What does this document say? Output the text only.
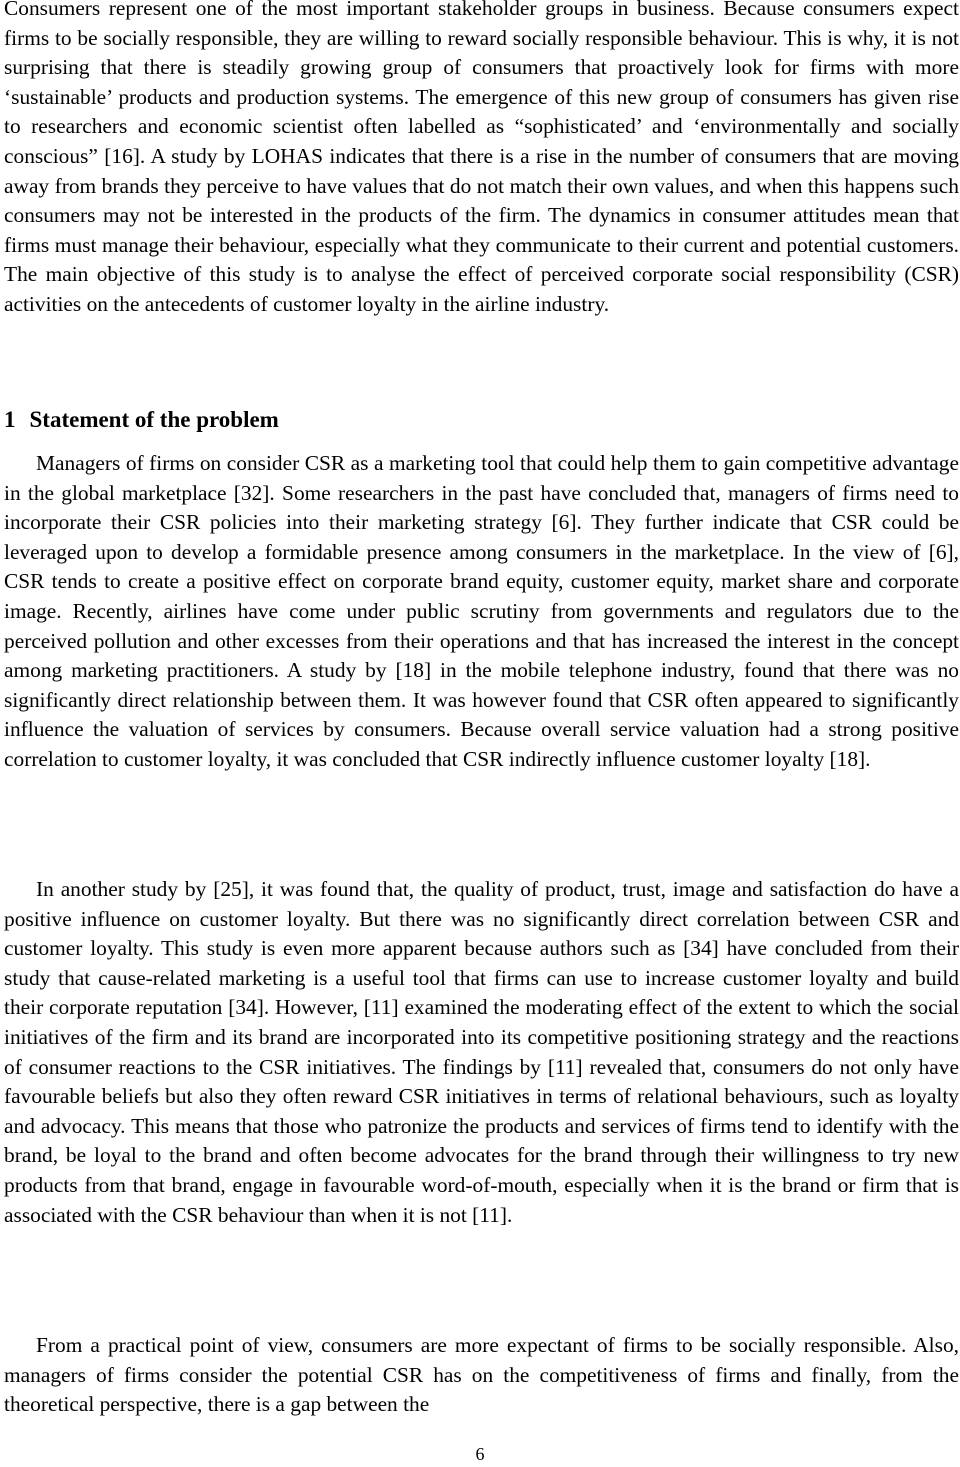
Consumers represent one of the most important stakeholder groups in business. Because consumers expect firms to be socially responsible, they are willing to reward socially responsible behaviour. This is why, it is not surprising that there is steadily growing group of consumers that proactively look for firms with more ‘sustainable’ products and production systems. The emergence of this new group of consumers has given rise to researchers and economic scientist often labelled as “sophisticated’ and ‘environmentally and socially conscious” [16]. A study by LOHAS indicates that there is a rise in the number of consumers that are moving away from brands they perceive to have values that do not match their own values, and when this happens such consumers may not be interested in the products of the firm. The dynamics in consumer attitudes mean that firms must manage their behaviour, especially what they communicate to their current and potential customers. The main objective of this study is to analyse the effect of perceived corporate social responsibility (CSR) activities on the antecedents of customer loyalty in the airline industry.

1 Statement of the problem

Managers of firms on consider CSR as a marketing tool that could help them to gain competitive advantage in the global marketplace [32]. Some researchers in the past have concluded that, managers of firms need to incorporate their CSR policies into their marketing strategy [6]. They further indicate that CSR could be leveraged upon to develop a formidable presence among consumers in the marketplace. In the view of [6], CSR tends to create a positive effect on corporate brand equity, customer equity, market share and corporate image. Recently, airlines have come under public scrutiny from governments and regulators due to the perceived pollution and other excesses from their operations and that has increased the interest in the concept among marketing practitioners. A study by [18] in the mobile telephone industry, found that there was no significantly direct relationship between them. It was however found that CSR often appeared to significantly influence the valuation of services by consumers. Because overall service valuation had a strong positive correlation to customer loyalty, it was concluded that CSR indirectly influence customer loyalty [18].

In another study by [25], it was found that, the quality of product, trust, image and satisfaction do have a positive influence on customer loyalty. But there was no significantly direct correlation between CSR and customer loyalty. This study is even more apparent because authors such as [34] have concluded from their study that cause-related marketing is a useful tool that firms can use to increase customer loyalty and build their corporate reputation [34]. However, [11] examined the moderating effect of the extent to which the social initiatives of the firm and its brand are incorporated into its competitive positioning strategy and the reactions of consumer reactions to the CSR initiatives. The findings by [11] revealed that, consumers do not only have favourable beliefs but also they often reward CSR initiatives in terms of relational behaviours, such as loyalty and advocacy. This means that those who patronize the products and services of firms tend to identify with the brand, be loyal to the brand and often become advocates for the brand through their willingness to try new products from that brand, engage in favourable word-of-mouth, especially when it is the brand or firm that is associated with the CSR behaviour than when it is not [11].

From a practical point of view, consumers are more expectant of firms to be socially responsible. Also, managers of firms consider the potential CSR has on the competitiveness of firms and finally, from the theoretical perspective, there is a gap between the

6
